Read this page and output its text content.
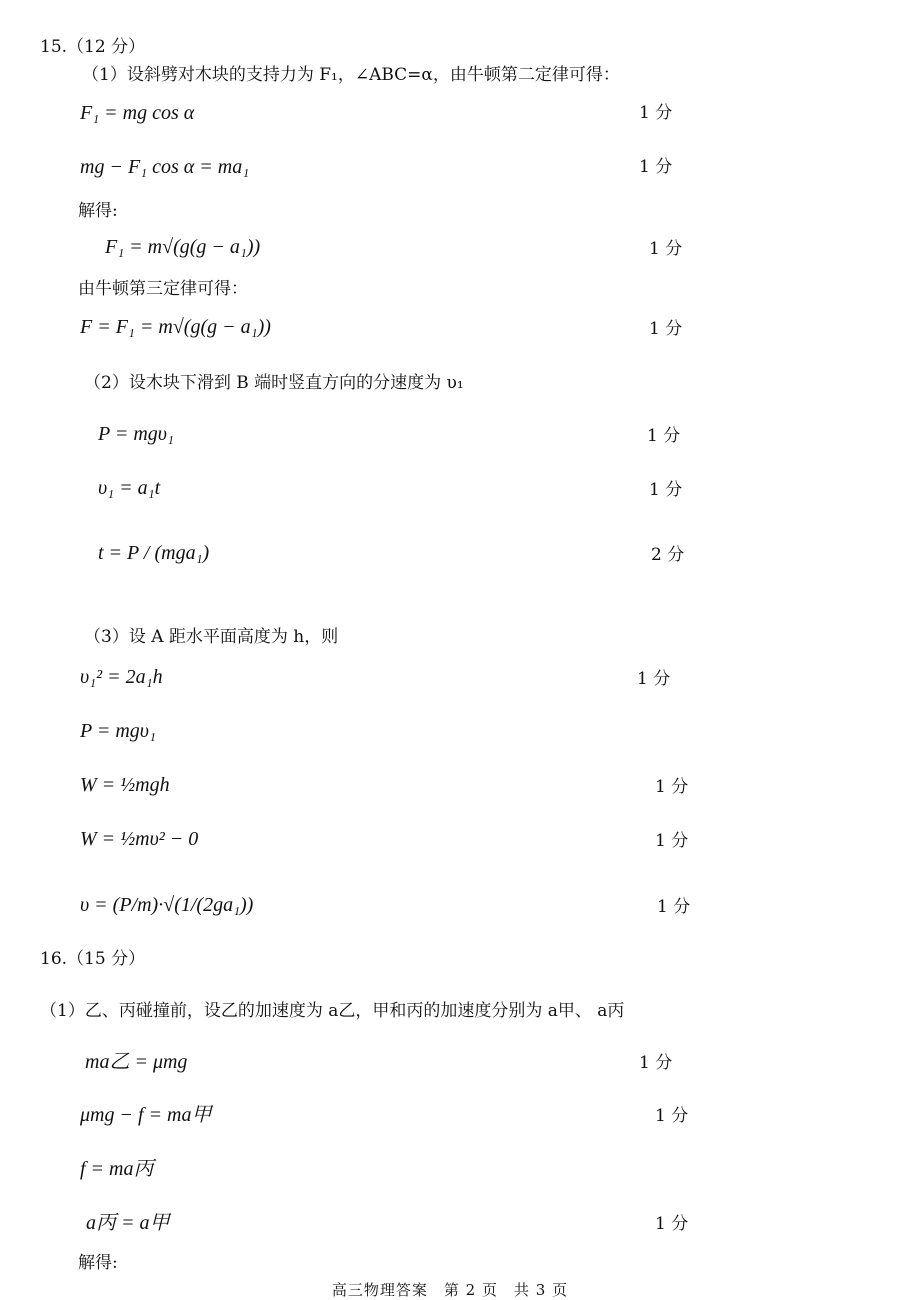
15.（12 分）
（1）设斜劈对木块的支持力为 F₁，∠ABC=α，由牛顿第二定律可得：
F₁ = mg cos α	1 分
mg − F₁ cos α = ma₁	1 分
解得:
F₁ = m√(g(g − a₁))	1 分
由牛顿第三定律可得：
F = F₁ = m√(g(g − a₁))	1 分
（2）设木块下滑到 B 端时竖直方向的分速度为 υ₁
P = mgυ₁	1 分
υ₁ = a₁t	1 分
t = P / (mga₁)	2 分
（3）设 A 距水平面高度为 h，则
υ₁² = 2a₁h	1 分
P = mgυ₁
W = ½mgh	1 分
W = ½mυ² − 0	1 分
υ = (P/m)·√(1/(2ga₁))	1 分
16.（15 分）
（1）乙、丙碰撞前，设乙的加速度为 a乙，甲和丙的加速度分别为 a甲、 a丙
ma乙 = μmg	1 分
μmg − f = ma甲	1 分
f = ma丙
a丙 = a甲	1 分
解得:
高三物理答案　第 2 页　共 3 页
